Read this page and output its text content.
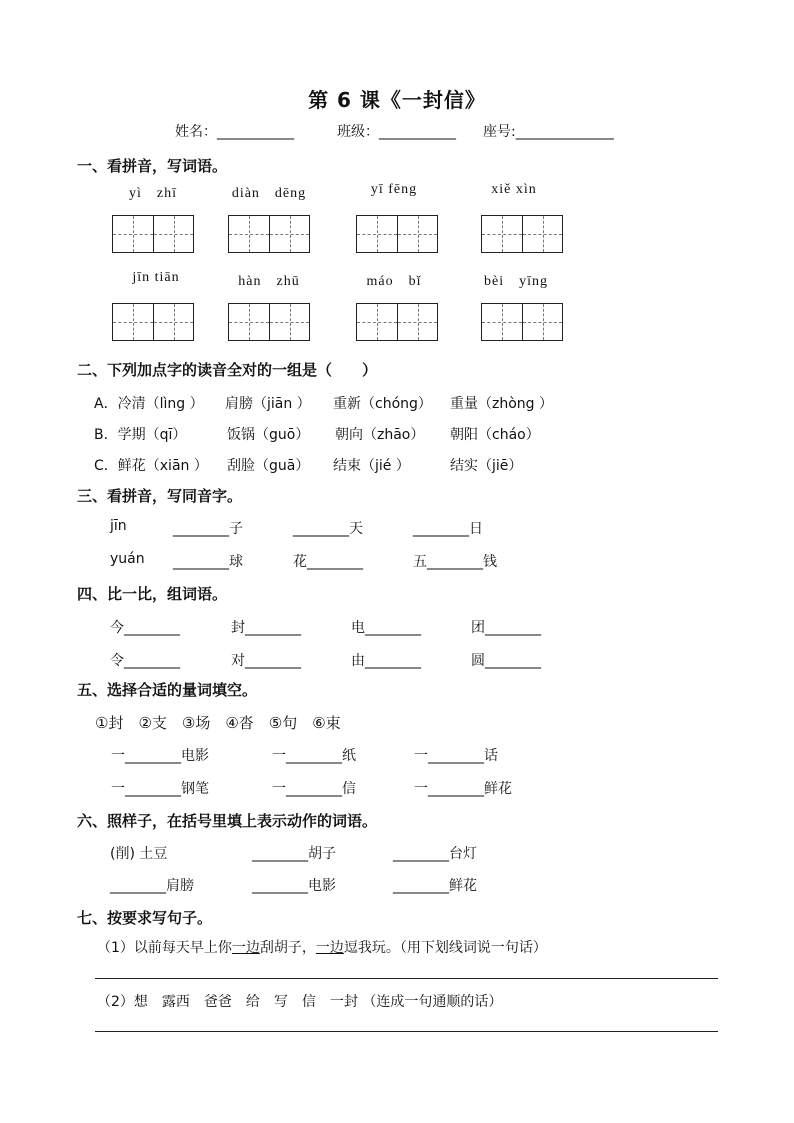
第 6 课《一封信》
姓名：___________	班级：___________ 座号:______________
一、看拼音，写词语。
yì　zhī	diàn　dēng	yī fēng	xiě xìn
jīn tiān	hàn　zhū	máo　bǐ	bèi　yīng
二、下列加点字的读音全对的一组是（　　）
A．冷清（lìng ） 肩膀（jiān ） 重新（chóng） 重量（zhòng ）
B．学期（qī）	饭锅（guō） 朝向（zhāo） 朝阳（cháo）
C．鲜花（xiān ） 刮脸（guā） 结束（jié ）	结实（jiē）
三、看拼音，写同音字。
jīn	________子	________天	________日
yuán ________球	花________	五________钱
四、比一比，组词语。
今________	封________	电________	团________
令________	对________	由________	圆________
五、选择合适的量词填空。
①封　②支　③场　④沓　⑤句　⑥束
一________电影	一________纸	一________话
一________钢笔	一________信	一________鲜花
六、照样子，在括号里填上表示动作的词语。
(削) 土豆	________胡子	________台灯
________肩膀	________电影	________鲜花
七、按要求写句子。
（1）以前每天早上你一边刮胡子，一边逗我玩。（用下划线词说一句话）
（2）想　露西　爸爸　给　写　信　一封 （连成一句通顺的话）
